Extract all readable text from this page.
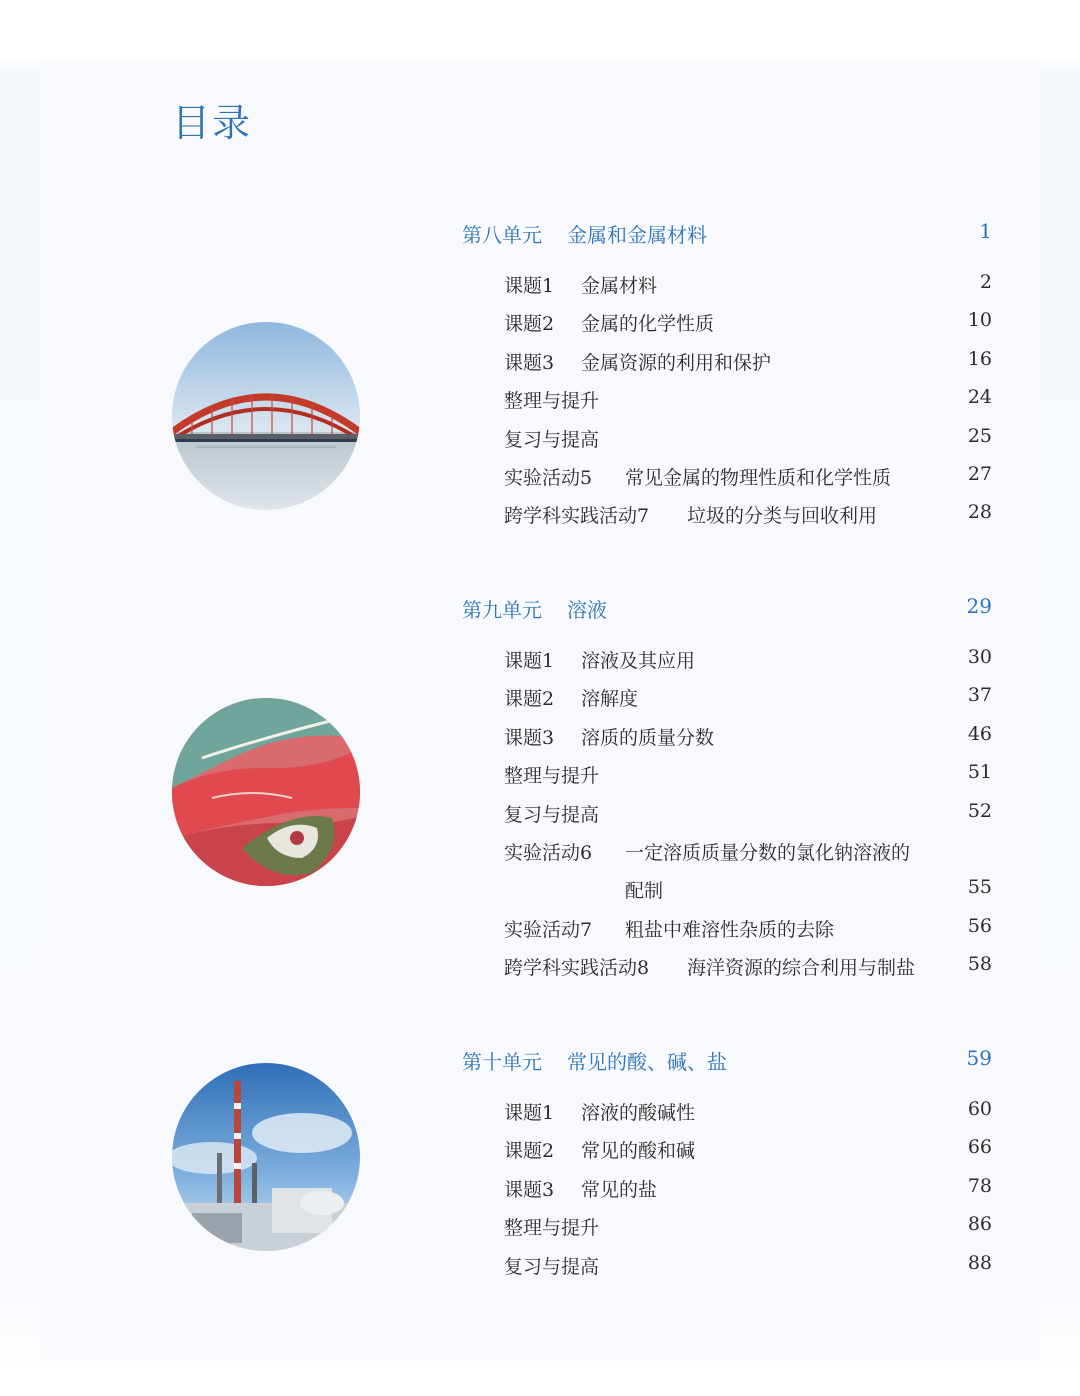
目录
第八单元 金属和金属材料	1
课题1 金属材料	2
课题2 金属的化学性质	10
课题3 金属资源的利用和保护	16
整理与提升	24
复习与提高	25
实验活动5 常见金属的物理性质和化学性质	27
跨学科实践活动7 垃圾的分类与回收利用	28
第九单元 溶液	29
课题1 溶液及其应用	30
课题2 溶解度	37
课题3 溶质的质量分数	46
整理与提升	51
复习与提高	52
实验活动6 一定溶质质量分数的氯化钠溶液的
配制	55
实验活动7 粗盐中难溶性杂质的去除	56
跨学科实践活动8 海洋资源的综合利用与制盐	58
第十单元 常见的酸、碱、盐	59
课题1 溶液的酸碱性	60
课题2 常见的酸和碱	66
课题3 常见的盐	78
整理与提升	86
复习与提高	88
